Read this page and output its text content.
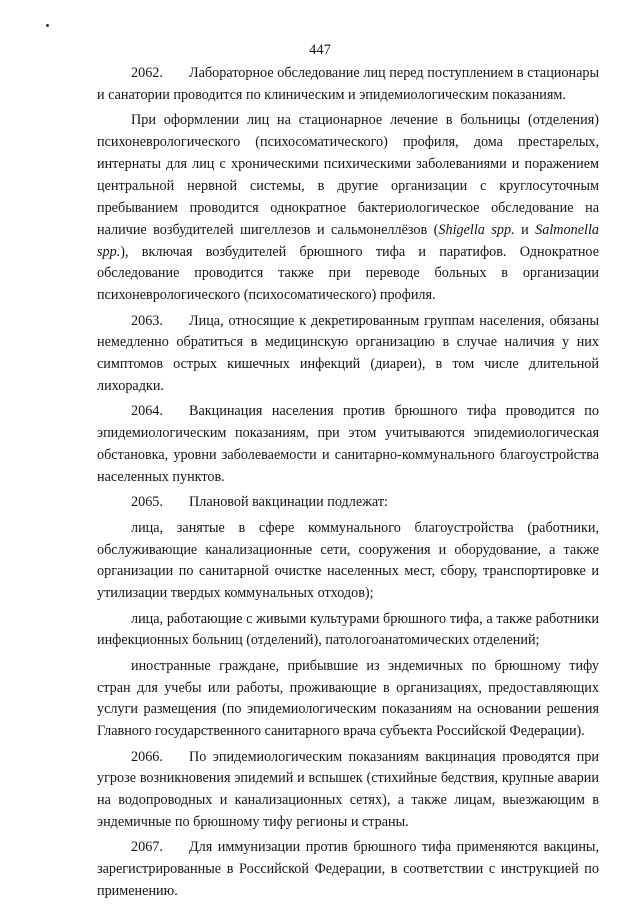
447

2062. Лабораторное обследование лиц перед поступлением в стационары и санатории проводится по клиническим и эпидемиологическим показаниям.

При оформлении лиц на стационарное лечение в больницы (отделения) психоневрологического (психосоматического) профиля, дома престарелых, интернаты для лиц с хроническими психическими заболеваниями и поражением центральной нервной системы, в другие организации с круглосуточным пребыванием проводится однократное бактериологическое обследование на наличие возбудителей шигеллезов и сальмонеллёзов (Shigella spp. и Salmonella spp.), включая возбудителей брюшного тифа и паратифов. Однократное обследование проводится также при переводе больных в организации психоневрологического (психосоматического) профиля.

2063. Лица, относящие к декретированным группам населения, обязаны немедленно обратиться в медицинскую организацию в случае наличия у них симптомов острых кишечных инфекций (диареи), в том числе длительной лихорадки.

2064. Вакцинация населения против брюшного тифа проводится по эпидемиологическим показаниям, при этом учитываются эпидемиологическая обстановка, уровни заболеваемости и санитарно-коммунального благоустройства населенных пунктов.

2065. Плановой вакцинации подлежат:

лица, занятые в сфере коммунального благоустройства (работники, обслуживающие канализационные сети, сооружения и оборудование, а также организации по санитарной очистке населенных мест, сбору, транспортировке и утилизации твердых коммунальных отходов);

лица, работающие с живыми культурами брюшного тифа, а также работники инфекционных больниц (отделений), патологоанатомических отделений;

иностранные граждане, прибывшие из эндемичных по брюшному тифу стран для учебы или работы, проживающие в организациях, предоставляющих услуги размещения (по эпидемиологическим показаниям на основании решения Главного государственного санитарного врача субъекта Российской Федерации).

2066. По эпидемиологическим показаниям вакцинация проводятся при угрозе возникновения эпидемий и вспышек (стихийные бедствия, крупные аварии на водопроводных и канализационных сетях), а также лицам, выезжающим в эндемичные по брюшному тифу регионы и страны.

2067. Для иммунизации против брюшного тифа применяются вакцины, зарегистрированные в Российской Федерации, в соответствии с инструкцией по применению.
